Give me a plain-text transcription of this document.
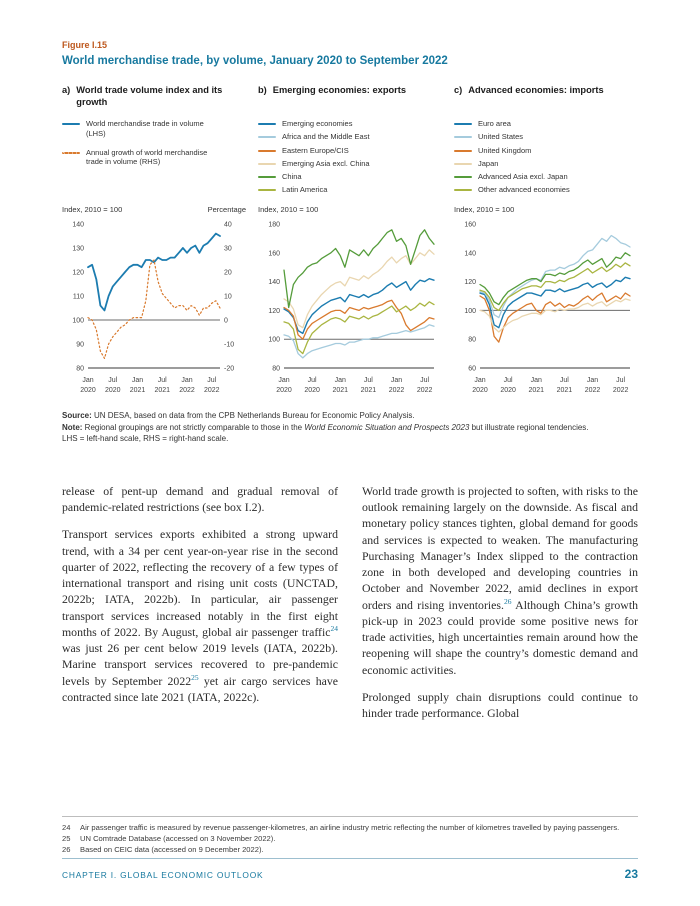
Figure I.15
World merchandise trade, by volume, January 2020 to September 2022
a) World trade volume index and its growth
World merchandise trade in volume (LHS)
Annual growth of world merchandise trade in volume (RHS)
Index, 2010 = 100	Percentage
140
130
120
110
100
90
80
40
30
20
10
0
-10
-20
Jan
2020
Jul
2020
Jan
2021
Jul
2021
Jan
2022
Jul
2022
b) Emerging economies: exports
Emerging economies
Africa and the Middle East
Eastern Europe/CIS
Emerging Asia excl. China
China
Latin America
Index, 2010 = 100
180
160
140
120
100
80
Jan
2020
Jul
2020
Jan
2021
Jul
2021
Jan
2022
Jul
2022
c) Advanced economies: imports
Euro area
United States
United Kingdom
Japan
Advanced Asia excl. Japan
Other advanced economies
Index, 2010 = 100
160
140
120
100
80
60
Jan
2020
Jul
2020
Jan
2021
Jul
2021
Jan
2022
Jul
2022
Source: UN DESA, based on data from the CPB Netherlands Bureau for Economic Policy Analysis.
Note: Regional groupings are not strictly comparable to those in the World Economic Situation and Prospects 2023 but illustrate regional tendencies.
LHS = left-hand scale, RHS = right-hand scale.

release of pent-up demand and gradual removal of pandemic-related restrictions (see box I.2).

Transport services exports exhibited a strong upward trend, with a 34 per cent year-on-year rise in the second quarter of 2022, reflecting the recovery of a few types of international transport and rising unit costs (UNCTAD, 2022b; IATA, 2022b). In particular, air passenger transport services increased notably in the first eight months of 2022. By August, global air passenger traffic$^{24}$ was just 26 per cent below 2019 levels (IATA, 2022b). Marine transport services recovered to pre-pandemic levels by September 2022$^{25}$ yet air cargo services have contracted since late 2021 (IATA, 2022c).

World trade growth is projected to soften, with risks to the outlook remaining largely on the downside. As fiscal and monetary policy stances tighten, global demand for goods and services is expected to weaken. The manufacturing Purchasing Manager’s Index slipped to the contraction zone in both developed and developing countries in October and November 2022, amid declines in export orders and rising inventories.$^{26}$ Although China’s growth pick-up in 2023 could provide some positive news for trade activities, high uncertainties remain around how the reopening will shape the country’s domestic demand and economic activities.

Prolonged supply chain disruptions could continue to hinder trade performance. Global

24	Air passenger traffic is measured by revenue passenger-kilometres, an airline industry metric reflecting the number of kilometres travelled by paying passengers.
25	UN Comtrade Database (accessed on 3 November 2022).
26	Based on CEIC data (accessed on 9 December 2022).
CHAPTER I. GLOBAL ECONOMIC OUTLOOK	23
